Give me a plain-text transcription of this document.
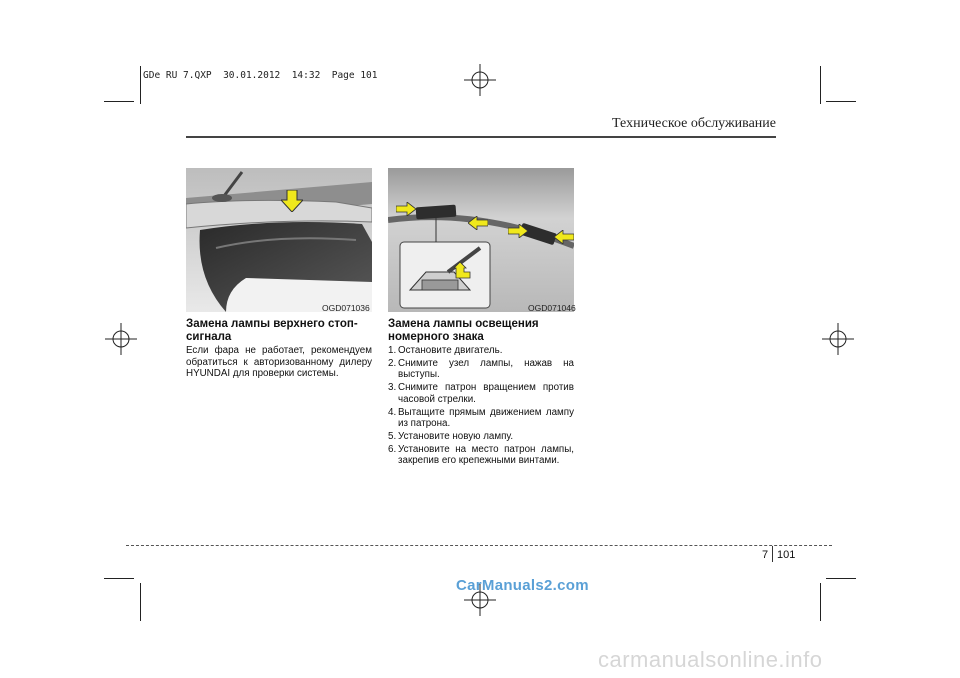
GDe RU 7.QXP  30.01.2012  14:32  Page 101
Техническое обслуживание
OGD071036	OGD071046
Замена лампы верхнего стоп-сигнала
Если фара не работает, рекомендуем обратиться к авторизованному дилеру HYUNDAI для проверки системы.
Замена лампы освещения номерного знака
1. Остановите двигатель.
2. Снимите узел лампы, нажав на выступы.
3. Снимите патрон вращением против часовой стрелки.
4. Вытащите прямым движением лампу из патрона.
5. Установите новую лампу.
6. Установите на место патрон лампы, закрепив его крепежными винтами.
7 101
CarManuals2.com
carmanualsonline.info
